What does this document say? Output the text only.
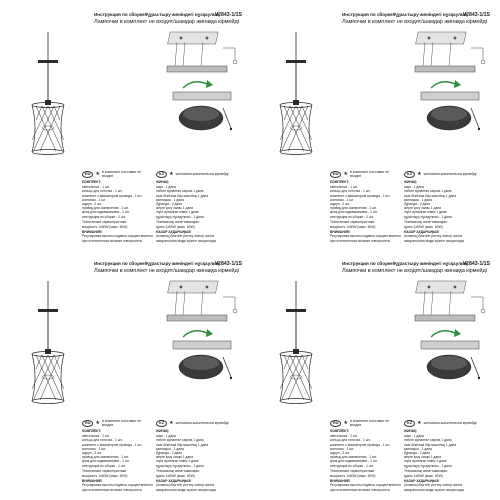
Инструкция по сборке/Құрастыру жөніндегі нұсқаулық
V2843-1/1S
Лампочки в комплект не входят/шамдар жинаққа кірмейді
RU	★ в комплект поставки не входит	KZ	★ жеткізілім жиынтығына кірмейді
КОМПЛЕКТ:
светильник - 1 шт.
кольцо для потолка - 1 шт.
комплект с фиксатором провода - 1 шт.
колпачок - 1 шт.
шуруп - 2 шт.
провод для заземления - 1 шт.
крюк для подвешивания - 1 шт.
инструкция по сборке - 1 шт.
Технические характеристики:
мощность 1x60W (макс. 60W)
ВНИМАНИЕ!
Регулировка высоты подвеса осуществляется
при отключенном питании электросети.
ЖИНАҚ:
шам - 1 дана
төбеге арналған сақина 1 дана
сым бекіткіші бар жиынтық 1 дана
қалпақша - 1 дана
бұранда - 2 дана
жерге қосу сымы 1 дана
ілуге арналған ілмек 1 дана
құрастыру нұсқаулығы - 1 дана
Техникалық сипаттамалары:
қуаты 1x60W (макс. 60W)
НАЗАР АУДАРЫҢЫЗ!
Аспаның биіктігін реттеу электр желісі
ажыратылған кезде жүзеге асырылады.
Инструкция по сборке/Құрастыру жөніндегі нұсқаулық
V2843-1/1S
Лампочки в комплект не входят/шамдар жинаққа кірмейді
RU	★ в комплект поставки не входит	KZ	★ жеткізілім жиынтығына кірмейді
КОМПЛЕКТ:
светильник - 1 шт.
кольцо для потолка - 1 шт.
комплект с фиксатором провода - 1 шт.
колпачок - 1 шт.
шуруп - 2 шт.
провод для заземления - 1 шт.
крюк для подвешивания - 1 шт.
инструкция по сборке - 1 шт.
Технические характеристики:
мощность 1x60W (макс. 60W)
ВНИМАНИЕ!
Регулировка высоты подвеса осуществляется
при отключенном питании электросети.
ЖИНАҚ:
шам - 1 дана
төбеге арналған сақина 1 дана
сым бекіткіші бар жиынтық 1 дана
қалпақша - 1 дана
бұранда - 2 дана
жерге қосу сымы 1 дана
ілуге арналған ілмек 1 дана
құрастыру нұсқаулығы - 1 дана
Техникалық сипаттамалары:
қуаты 1x60W (макс. 60W)
НАЗАР АУДАРЫҢЫЗ!
Аспаның биіктігін реттеу электр желісі
ажыратылған кезде жүзеге асырылады.
Инструкция по сборке/Құрастыру жөніндегі нұсқаулық
V2843-1/1S
Лампочки в комплект не входят/шамдар жинаққа кірмейді
RU	★ в комплект поставки не входит	KZ	★ жеткізілім жиынтығына кірмейді
КОМПЛЕКТ:
светильник - 1 шт.
кольцо для потолка - 1 шт.
комплект с фиксатором провода - 1 шт.
колпачок - 1 шт.
шуруп - 2 шт.
провод для заземления - 1 шт.
крюк для подвешивания - 1 шт.
инструкция по сборке - 1 шт.
Технические характеристики:
мощность 1x60W (макс. 60W)
ВНИМАНИЕ!
Регулировка высоты подвеса осуществляется
при отключенном питании электросети.
ЖИНАҚ:
шам - 1 дана
төбеге арналған сақина 1 дана
сым бекіткіші бар жиынтық 1 дана
қалпақша - 1 дана
бұранда - 2 дана
жерге қосу сымы 1 дана
ілуге арналған ілмек 1 дана
құрастыру нұсқаулығы - 1 дана
Техникалық сипаттамалары:
қуаты 1x60W (макс. 60W)
НАЗАР АУДАРЫҢЫЗ!
Аспаның биіктігін реттеу электр желісі
ажыратылған кезде жүзеге асырылады.
Инструкция по сборке/Құрастыру жөніндегі нұсқаулық
V2843-1/1S
Лампочки в комплект не входят/шамдар жинаққа кірмейді
RU	★ в комплект поставки не входит	KZ	★ жеткізілім жиынтығына кірмейді
КОМПЛЕКТ:
светильник - 1 шт.
кольцо для потолка - 1 шт.
комплект с фиксатором провода - 1 шт.
колпачок - 1 шт.
шуруп - 2 шт.
провод для заземления - 1 шт.
крюк для подвешивания - 1 шт.
инструкция по сборке - 1 шт.
Технические характеристики:
мощность 1x60W (макс. 60W)
ВНИМАНИЕ!
Регулировка высоты подвеса осуществляется
при отключенном питании электросети.
ЖИНАҚ:
шам - 1 дана
төбеге арналған сақина 1 дана
сым бекіткіші бар жиынтық 1 дана
қалпақша - 1 дана
бұранда - 2 дана
жерге қосу сымы 1 дана
ілуге арналған ілмек 1 дана
құрастыру нұсқаулығы - 1 дана
Техникалық сипаттамалары:
қуаты 1x60W (макс. 60W)
НАЗАР АУДАРЫҢЫЗ!
Аспаның биіктігін реттеу электр желісі
ажыратылған кезде жүзеге асырылады.
